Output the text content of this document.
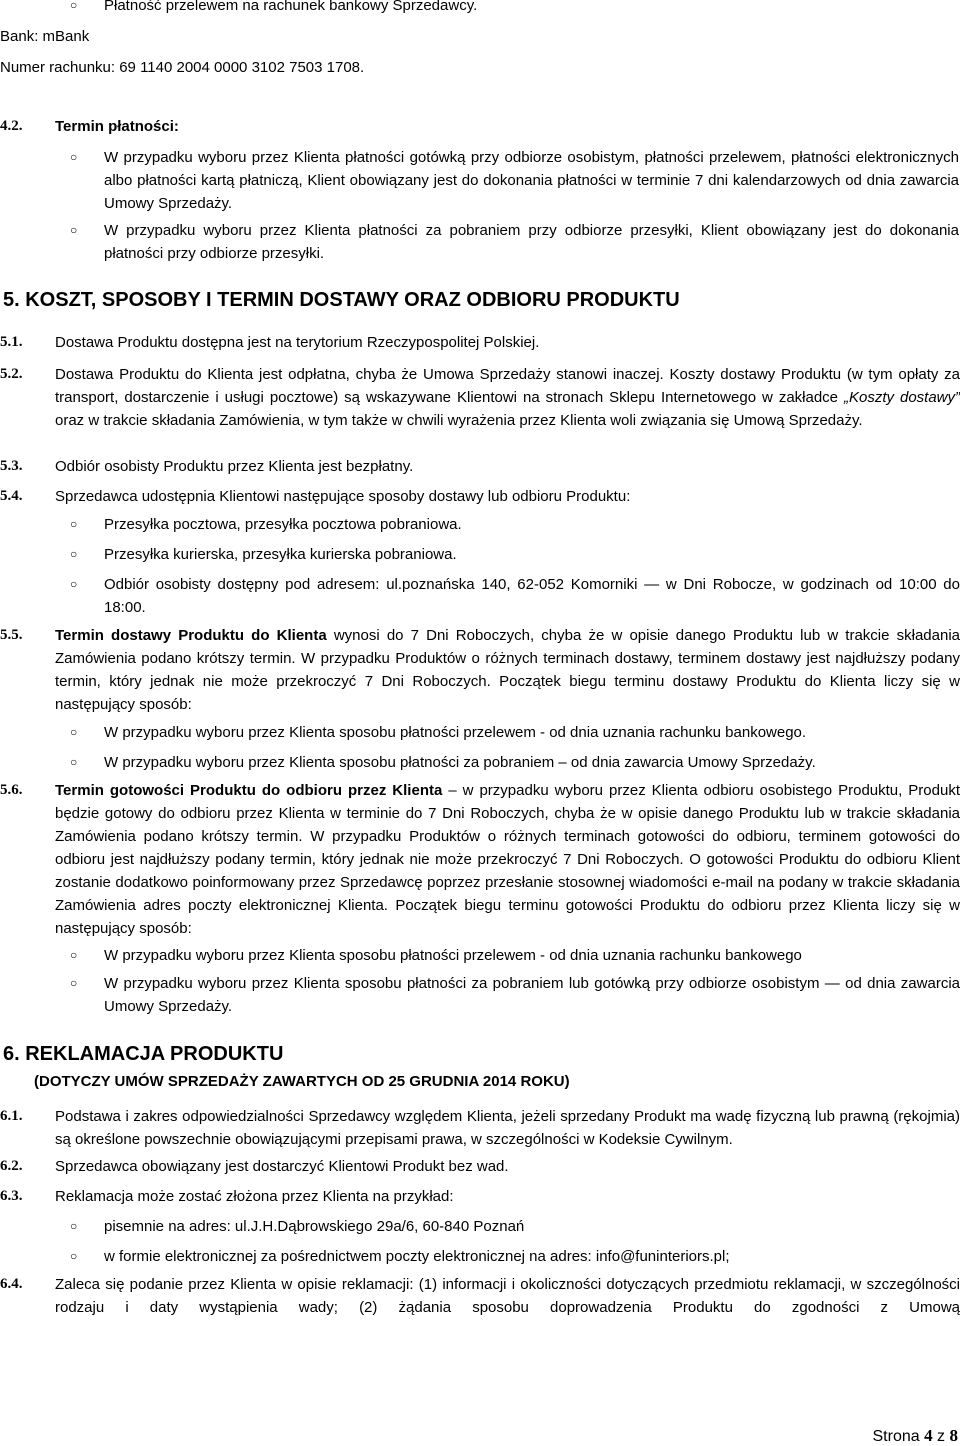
○ Płatność przelewem na rachunek bankowy Sprzedawcy.
Bank: mBank
Numer rachunku: 69 1140 2004 0000 3102 7503 1708.
4.2. Termin płatności:
○ W przypadku wyboru przez Klienta płatności gotówką przy odbiorze osobistym, płatności przelewem, płatności elektronicznych albo płatności kartą płatniczą, Klient obowiązany jest do dokonania płatności w terminie 7 dni kalendarzowych od dnia zawarcia Umowy Sprzedaży.
○ W przypadku wyboru przez Klienta płatności za pobraniem przy odbiorze przesyłki, Klient obowiązany jest do dokonania płatności przy odbiorze przesyłki.
5. KOSZT, SPOSOBY I TERMIN DOSTAWY ORAZ ODBIORU PRODUKTU
5.1. Dostawa Produktu dostępna jest na terytorium Rzeczypospolitej Polskiej.
5.2. Dostawa Produktu do Klienta jest odpłatna, chyba że Umowa Sprzedaży stanowi inaczej. Koszty dostawy Produktu (w tym opłaty za transport, dostarczenie i usługi pocztowe) są wskazywane Klientowi na stronach Sklepu Internetowego w zakładce „Koszty dostawy” oraz w trakcie składania Zamówienia, w tym także w chwili wyrażenia przez Klienta woli związania się Umową Sprzedaży.
5.3. Odbiór osobisty Produktu przez Klienta jest bezpłatny.
5.4. Sprzedawca udostępnia Klientowi następujące sposoby dostawy lub odbioru Produktu:
○ Przesyłka pocztowa, przesyłka pocztowa pobraniowa.
○ Przesyłka kurierska, przesyłka kurierska pobraniowa.
○ Odbiór osobisty dostępny pod adresem: ul.poznańska 140, 62-052 Komorniki — w Dni Robocze, w godzinach od 10:00 do 18:00.
5.5. Termin dostawy Produktu do Klienta wynosi do 7 Dni Roboczych, chyba że w opisie danego Produktu lub w trakcie składania Zamówienia podano krótszy termin. W przypadku Produktów o różnych terminach dostawy, terminem dostawy jest najdłuższy podany termin, który jednak nie może przekroczyć 7 Dni Roboczych. Początek biegu terminu dostawy Produktu do Klienta liczy się w następujący sposób:
○ W przypadku wyboru przez Klienta sposobu płatności przelewem - od dnia uznania rachunku bankowego.
○ W przypadku wyboru przez Klienta sposobu płatności za pobraniem – od dnia zawarcia Umowy Sprzedaży.
5.6. Termin gotowości Produktu do odbioru przez Klienta – w przypadku wyboru przez Klienta odbioru osobistego Produktu, Produkt będzie gotowy do odbioru przez Klienta w terminie do 7 Dni Roboczych, chyba że w opisie danego Produktu lub w trakcie składania Zamówienia podano krótszy termin. W przypadku Produktów o różnych terminach gotowości do odbioru, terminem gotowości do odbioru jest najdłuższy podany termin, który jednak nie może przekroczyć 7 Dni Roboczych. O gotowości Produktu do odbioru Klient zostanie dodatkowo poinformowany przez Sprzedawcę poprzez przesłanie stosownej wiadomości e-mail na podany w trakcie składania Zamówienia adres poczty elektronicznej Klienta. Początek biegu terminu gotowości Produktu do odbioru przez Klienta liczy się w następujący sposób:
○ W przypadku wyboru przez Klienta sposobu płatności przelewem - od dnia uznania rachunku bankowego
○ W przypadku wyboru przez Klienta sposobu płatności za pobraniem lub gotówką przy odbiorze osobistym — od dnia zawarcia Umowy Sprzedaży.
6. REKLAMACJA PRODUKTU
(DOTYCZY UMÓW SPRZEDAŻY ZAWARTYCH OD 25 GRUDNIA 2014 ROKU)
6.1. Podstawa i zakres odpowiedzialności Sprzedawcy względem Klienta, jeżeli sprzedany Produkt ma wadę fizyczną lub prawną (rękojmia) są określone powszechnie obowiązującymi przepisami prawa, w szczególności w Kodeksie Cywilnym.
6.2. Sprzedawca obowiązany jest dostarczyć Klientowi Produkt bez wad.
6.3. Reklamacja może zostać złożona przez Klienta na przykład:
○ pisemnie na adres: ul.J.H.Dąbrowskiego 29a/6, 60-840 Poznań
○ w formie elektronicznej za pośrednictwem poczty elektronicznej na adres: info@funinteriors.pl;
6.4. Zaleca się podanie przez Klienta w opisie reklamacji: (1) informacji i okoliczności dotyczących przedmiotu reklamacji, w szczególności rodzaju i daty wystąpienia wady; (2) żądania sposobu doprowadzenia Produktu do zgodności z Umową
Strona 4 z 8
